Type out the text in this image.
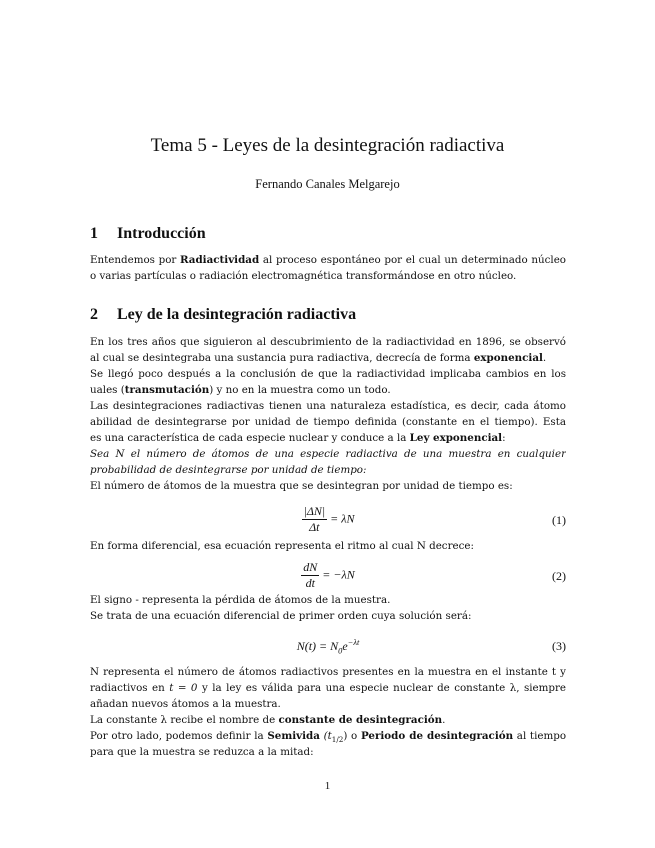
Tema 5 - Leyes de la desintegración radiactiva
Fernando Canales Melgarejo
1 Introducción
Entendemos por Radiactividad al proceso espontáneo por el cual un determinado núcleo
o varias partículas o radiación electromagnética transformándose en otro núcleo.
2 Ley de la desintegración radiactiva
En los tres años que siguieron al descubrimiento de la radiactividad en 1896, se observó
al cual se desintegraba una sustancia pura radiactiva, decrecía de forma exponencial.
Se llegó poco después a la conclusión de que la radiactividad implicaba cambios en los
uales (transmutación) y no en la muestra como un todo.
Las desintegraciones radiactivas tienen una naturaleza estadística, es decir, cada átomo
abilidad de desintegrarse por unidad de tiempo definida (constante en el tiempo). Esta
es una característica de cada especie nuclear y conduce a la Ley exponencial:
Sea N el número de átomos de una especie radiactiva de una muestra en cualquier
probabilidad de desintegrarse por unidad de tiempo:
El número de átomos de la muestra que se desintegran por unidad de tiempo es:
$\frac{|\Delta N|}{\Delta t} = \lambda N$	(1)
En forma diferencial, esa ecuación representa el ritmo al cual N decrece:
$\frac{dN}{dt} = -\lambda N$	(2)
El signo - representa la pérdida de átomos de la muestra.
Se trata de una ecuación diferencial de primer orden cuya solución será:
$N(t) = N_0e^{-\lambda t}$	(3)
N representa el número de átomos radiactivos presentes en la muestra en el instante t y
radiactivos en t = 0 y la ley es válida para una especie nuclear de constante λ, siempre
añadan nuevos átomos a la muestra.
La constante λ recibe el nombre de constante de desintegración.
Por otro lado, podemos definir la Semivida $(t_{1/2})$ o Periodo de desintegración al tiempo
para que la muestra se reduzca a la mitad:
1
